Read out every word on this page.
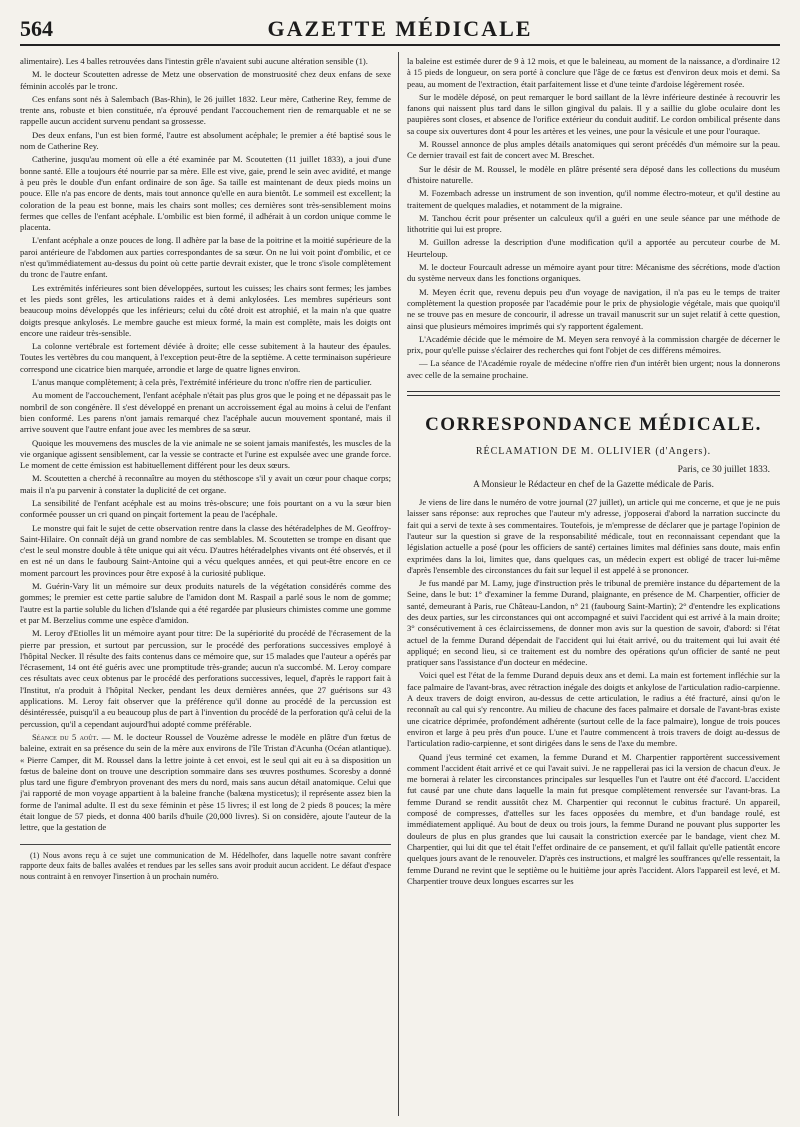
564	GAZETTE MÉDICALE

alimentaire). Les 4 balles retrouvées dans l'intestin grêle n'avaient subi aucune altération sensible (1).

M. le docteur Scoutetten adresse de Metz une observation de monstruosité chez deux enfans de sexe féminin accolés par le tronc.

Ces enfans sont nés à Salembach (Bas-Rhin), le 26 juillet 1832. Leur mère, Catherine Rey, femme de trente ans, robuste et bien constituée, n'a éprouvé pendant l'accouchement rien de remarquable et ne se rappelle aucun accident survenu pendant sa grossesse.

Des deux enfans, l'un est bien formé, l'autre est absolument acéphale; le premier a été baptisé sous le nom de Catherine Rey.

Catherine, jusqu'au moment où elle a été examinée par M. Scoutetten (11 juillet 1833), a joui d'une bonne santé. Elle a toujours été nourrie par sa mère. Elle est vive, gaie, prend le sein avec avidité, et mange à peu près le double d'un enfant ordinaire de son âge. Sa taille est maintenant de deux pieds moins un pouce. Elle n'a pas encore de dents, mais tout annonce qu'elle en aura bientôt. Le sommeil est excellent; la coloration de la peau est bonne, mais les chairs sont molles; ces dernières sont très-sensiblement moins fermes que celles de l'enfant acéphale. L'ombilic est bien formé, il adhérait à un cordon unique comme le placenta.

L'enfant acéphale a onze pouces de long. Il adhère par la base de la poitrine et la moitié supérieure de la paroi antérieure de l'abdomen aux parties correspondantes de sa sœur. On ne lui voit point d'ombilic, et ce n'est qu'immédiatement au-dessus du point où cette partie devrait exister, que le tronc s'isole complètement du tronc de l'autre enfant.

Les extrémités inférieures sont bien développées, surtout les cuisses; les chairs sont fermes; les jambes et les pieds sont grêles, les articulations raides et à demi ankylosées. Les membres supérieurs sont beaucoup moins développés que les inférieurs; celui du côté droit est atrophié, et la main n'a que quatre doigts presque ankylosés. Le membre gauche est mieux formé, la main est complète, mais les doigts ont encore une raideur très-sensible.

La colonne vertébrale est fortement déviée à droite; elle cesse subitement à la hauteur des épaules. Toutes les vertèbres du cou manquent, à l'exception peut-être de la septième. A cette terminaison supérieure correspond une cicatrice bien marquée, arrondie et large de quatre lignes environ.

L'anus manque complètement; à cela près, l'extrémité inférieure du tronc n'offre rien de particulier.

Au moment de l'accouchement, l'enfant acéphale n'était pas plus gros que le poing et ne dépassait pas le nombril de son congénère. Il s'est développé en prenant un accroissement égal au moins à celui de l'enfant bien conformé. Les parens n'ont jamais remarqué chez l'acéphale aucun mouvement spontané, mais il arrive souvent que l'autre enfant joue avec les membres de sa sœur.

Quoique les mouvemens des muscles de la vie animale ne se soient jamais manifestés, les muscles de la vie organique agissent sensiblement, car la vessie se contracte et l'urine est expulsée avec une grande force. Le moment de cette émission est habituellement différent pour les deux sœurs.

M. Scoutetten a cherché à reconnaître au moyen du stéthoscope s'il y avait un cœur pour chaque corps; mais il n'a pu parvenir à constater la duplicité de cet organe.

La sensibilité de l'enfant acéphale est au moins très-obscure; une fois pourtant on a vu la sœur bien conformée pousser un cri quand on pinçait fortement la peau de l'acéphale.

Le monstre qui fait le sujet de cette observation rentre dans la classe des hétéradelphes de M. Geoffroy-Saint-Hilaire. On connaît déjà un grand nombre de cas semblables. M. Scoutetten se trompe en disant que c'est le seul monstre double à tête unique qui ait vécu. D'autres hétéradelphes vivants ont été observés, et il en est né un dans le faubourg Saint-Antoine qui a vécu quelques années, et qui peut-être encore en ce moment parcourt les provinces pour être exposé à la curiosité publique.

M. Guérin-Vary lit un mémoire sur deux produits naturels de la végétation considérés comme des gommes; le premier est cette partie salubre de l'amidon dont M. Raspail a parlé sous le nom de gomme; l'autre est la partie soluble du lichen d'Islande qui a été regardée par plusieurs chimistes comme une gomme et par M. Berzelius comme une espèce d'amidon.

M. Leroy d'Etiolles lit un mémoire ayant pour titre: De la supériorité du procédé de l'écrasement de la pierre par pression, et surtout par percussion, sur le procédé des perforations successives employé à l'hôpital Necker. Il résulte des faits contenus dans ce mémoire que, sur 15 malades que l'auteur a opérés par l'écrasement, 14 ont été guéris avec une promptitude très-grande; aucun n'a succombé. M. Leroy compare ces résultats avec ceux obtenus par le procédé des perforations successives, lequel, d'après le rapport fait à l'Institut, n'a produit à l'hôpital Necker, pendant les deux dernières années, que 27 guérisons sur 43 applications. M. Leroy fait observer que la préférence qu'il donne au procédé de la percussion est désintéressée, puisqu'il a eu beaucoup plus de part à l'invention du procédé de la perforation qu'à celui de la percussion, qu'il a cependant aujourd'hui adopté comme préférable.

Séance du 5 août. — M. le docteur Roussel de Vouzème adresse le modèle en plâtre d'un fœtus de baleine, extrait en sa présence du sein de la mère aux environs de l'île Tristan d'Acunha (Océan atlantique). « Pierre Camper, dit M. Roussel dans la lettre jointe à cet envoi, est le seul qui ait eu à sa disposition un fœtus de baleine dont on trouve une description sommaire dans ses œuvres posthumes. Scoresby a donné plus tard une figure d'embryon provenant des mers du nord, mais sans aucun détail anatomique. Celui que j'ai rapporté de mon voyage appartient à la baleine franche (balœna mysticetus); il représente assez bien la forme de l'animal adulte. Il est du sexe féminin et pèse 15 livres; il est long de 2 pieds 8 pouces; la mère était longue de 57 pieds, et donna 400 barils d'huile (20,000 livres). Si on considère, ajoute l'auteur de la lettre, que la gestation de

(1) Nous avons reçu à ce sujet une communication de M. Hédelhofer, dans laquelle notre savant confrère rapporte deux faits de balles avalées et rendues par les selles sans avoir produit aucun accident. Le défaut d'espace nous contraint à en renvoyer l'insertion à un prochain numéro.

la baleine est estimée durer de 9 à 12 mois, et que le baleineau, au moment de la naissance, a d'ordinaire 12 à 15 pieds de longueur, on sera porté à conclure que l'âge de ce fœtus est d'environ deux mois et demi. Sa peau, au moment de l'extraction, était parfaitement lisse et d'une teinte d'ardoise légèrement rosée.

Sur le modèle déposé, on peut remarquer le bord saillant de la lèvre inférieure destinée à recouvrir les fanons qui naissent plus tard dans le sillon gingival du palais. Il y a saillie du globe oculaire dont les paupières sont closes, et absence de l'orifice extérieur du conduit auditif. Le cordon ombilical présente dans sa coupe six ouvertures dont 4 pour les artères et les veines, une pour la vésicule et une pour l'ouraque.

M. Roussel annonce de plus amples détails anatomiques qui seront précédés d'un mémoire sur la peau. Ce dernier travail est fait de concert avec M. Breschet.

Sur le désir de M. Roussel, le modèle en plâtre présenté sera déposé dans les collections du muséum d'histoire naturelle.

M. Fozembach adresse un instrument de son invention, qu'il nomme électro-moteur, et qu'il destine au traitement de quelques maladies, et notamment de la migraine.

M. Tanchou écrit pour présenter un calculeux qu'il a guéri en une seule séance par une méthode de lithotritie qui lui est propre.

M. Guillon adresse la description d'une modification qu'il a apportée au percuteur courbe de M. Heurteloup.

M. le docteur Fourcault adresse un mémoire ayant pour titre: Mécanisme des sécrétions, mode d'action du système nerveux dans les fonctions organiques.

M. Meyen écrit que, revenu depuis peu d'un voyage de navigation, il n'a pas eu le temps de traiter complètement la question proposée par l'académie pour le prix de physiologie végétale, mais que quoiqu'il ne se trouve pas en mesure de concourir, il adresse un travail manuscrit sur un sujet relatif à cette question, ainsi que plusieurs mémoires imprimés qui s'y rapportent également.

L'Académie décide que le mémoire de M. Meyen sera renvoyé à la commission chargée de décerner le prix, pour qu'elle puisse s'éclairer des recherches qui font l'objet de ces différens mémoires.

— La séance de l'Académie royale de médecine n'offre rien d'un intérêt bien urgent; nous la donnerons avec celle de la semaine prochaine.

CORRESPONDANCE MÉDICALE.
RÉCLAMATION DE M. OLLIVIER (d'Angers).
Paris, ce 30 juillet 1833.
A Monsieur le Rédacteur en chef de la Gazette médicale de Paris.

Je viens de lire dans le numéro de votre journal (27 juillet), un article qui me concerne, et que je ne puis laisser sans réponse: aux reproches que l'auteur m'y adresse, j'opposerai d'abord la narration succincte du fait qui a servi de texte à ses commentaires. Toutefois, je m'empresse de déclarer que je partage l'opinion de l'auteur sur la question si grave de la responsabilité médicale, tout en reconnaissant cependant que la législation actuelle a posé (pour les officiers de santé) certaines limites mal définies sans doute, mais enfin exprimées dans la loi, limites que, dans quelques cas, un médecin expert est obligé de tracer lui-même d'après l'ensemble des circonstances du fait sur lequel il est appelé à se prononcer.

Je fus mandé par M. Lamy, juge d'instruction près le tribunal de première instance du département de la Seine, dans le but: 1° d'examiner la femme Durand, plaignante, en présence de M. Charpentier, officier de santé, demeurant à Paris, rue Château-Landon, n° 21 (faubourg Saint-Martin); 2° d'entendre les explications des deux parties, sur les circonstances qui ont accompagné et suivi l'accident qui est arrivé à la main droite; 3° consécutivement à ces éclaircissemens, de donner mon avis sur la question de savoir, d'abord: si l'état actuel de la femme Durand dépendait de l'accident qui lui était arrivé, ou du traitement qui lui avait été appliqué; en second lieu, si ce traitement est du nombre des opérations qu'un officier de santé ne peut pratiquer sans l'assistance d'un docteur en médecine.

Voici quel est l'état de la femme Durand depuis deux ans et demi. La main est fortement infléchie sur la face palmaire de l'avant-bras, avec rétraction inégale des doigts et ankylose de l'articulation radio-carpienne. A deux travers de doigt environ, au-dessus de cette articulation, le radius a été fracturé, ainsi qu'on le reconnaît au cal qui s'y rencontre. Au milieu de chacune des faces palmaire et dorsale de l'avant-bras existe une cicatrice déprimée, profondément adhérente (surtout celle de la face palmaire), longue de trois pouces environ et large à peu près d'un pouce. L'une et l'autre commencent à trois travers de doigt au-dessus de l'articulation radio-carpienne, et sont dirigées dans le sens de l'axe du membre.

Quand j'eus terminé cet examen, la femme Durand et M. Charpentier rapportèrent successivement comment l'accident était arrivé et ce qui l'avait suivi. Je ne rappellerai pas ici la version de chacun d'eux. Je me bornerai à relater les circonstances principales sur lesquelles l'un et l'autre ont été d'accord. L'accident fut causé par une chute dans laquelle la main fut presque complètement renversée sur l'avant-bras. La femme Durand se rendit aussitôt chez M. Charpentier qui reconnut le cubitus fracturé. Un appareil, composé de compresses, d'attelles sur les faces opposées du membre, et d'un bandage roulé, est immédiatement appliqué. Au bout de deux ou trois jours, la femme Durand ne pouvant plus supporter les douleurs de plus en plus grandes que lui causait la constriction exercée par le bandage, vient chez M. Charpentier, qui lui dit que tel était l'effet ordinaire de ce pansement, et qu'il fallait qu'elle patientât encore quelques jours avant de le renouveler. D'après ces instructions, et malgré les souffrances qu'elle ressentait, la femme Durand ne revint que le septième ou le huitième jour après l'accident. Alors l'appareil est levé, et M. Charpentier trouve deux longues escarres sur les
